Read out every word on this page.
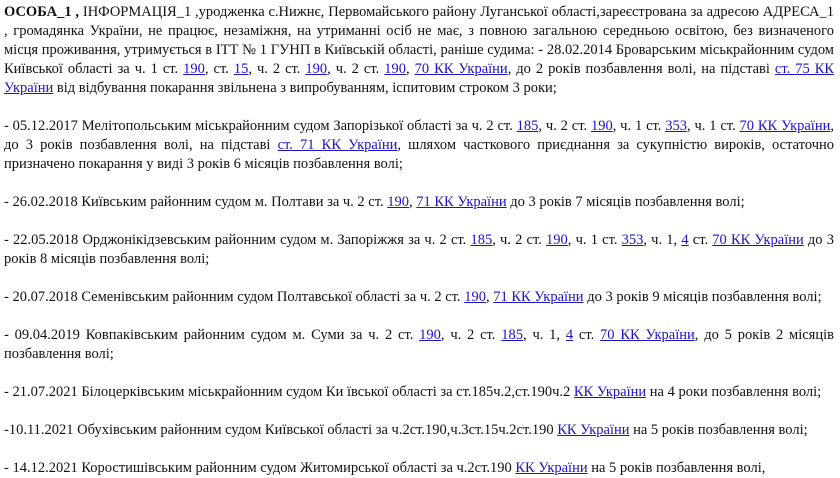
ОСОБА_1 , ІНФОРМАЦІЯ_1 ,уродженка с.Нижнє, Первомайського району Луганської області,зареєстрована за адресою АДРЕСА_1 , громадянка України, не працює, незаміжня, на утриманні осіб не має, з повною загальною середньою освітою, без визначеного місця проживання, утримується в ІТТ № 1 ГУНП в Київській області, раніше судима: - 28.02.2014 Броварським міськрайонним судом Київської області за ч. 1 ст. 190, ст. 15, ч. 2 ст. 190, ч. 2 ст. 190, 70 КК України, до 2 років позбавлення волі, на підставі ст. 75 КК України від відбування покарання звільнена з випробуванням, іспитовим строком 3 роки;

- 05.12.2017 Мелітопольським міськрайонним судом Запорізької області за ч. 2 ст. 185, ч. 2 ст. 190, ч. 1 ст. 353, ч. 1 ст. 70 КК України, до 3 років позбавлення волі, на підставі ст. 71 КК України, шляхом часткового приєднання за сукупністю вироків, остаточно призначено покарання у виді 3 років 6 місяців позбавлення волі;

- 26.02.2018 Київським районним судом м. Полтави за ч. 2 ст. 190, 71 КК України до 3 років 7 місяців позбавлення волі;

- 22.05.2018 Орджонікідзевським районним судом м. Запоріжжя за ч. 2 ст. 185, ч. 2 ст. 190, ч. 1 ст. 353, ч. 1, 4 ст. 70 КК України до 3 років 8 місяців позбавлення волі;

- 20.07.2018 Семенівським районним судом Полтавської області за ч. 2 ст. 190, 71 КК України до 3 років 9 місяців позбавлення волі;

- 09.04.2019 Ковпаківським районним судом м. Суми за ч. 2 ст. 190, ч. 2 ст. 185, ч. 1, 4 ст. 70 КК України, до 5 років 2 місяців позбавлення волі;

- 21.07.2021 Білоцерківським міськрайонним судом Ки ївської області за ст.185ч.2,ст.190ч.2 КК України на 4 роки позбавлення волі;

-10.11.2021 Обухівським районним судом Київської області за ч.2ст.190,ч.3ст.15ч.2ст.190 КК України на 5 років позбавлення волі;

- 14.12.2021 Коростишівським районним судом Житомирської області за ч.2ст.190 КК України на 5 років позбавлення волі,
